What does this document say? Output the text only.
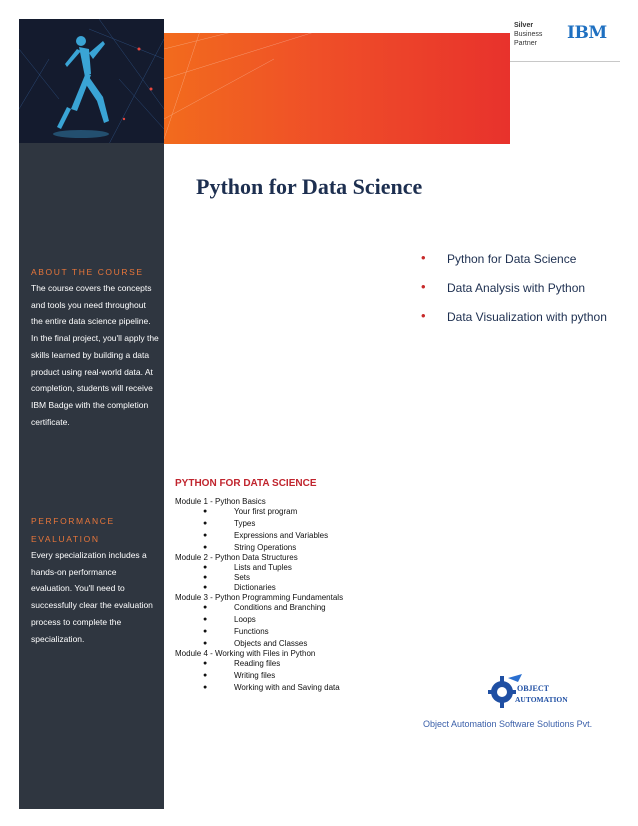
Silver
Business
Partner
IBM
Python for Data Science
ABOUT THE COURSE
The course covers the concepts and tools you need throughout the entire data science pipeline. In the final project, you'll apply the skills learned by building a data product using real-world data. At completion, students will receive IBM Badge with the completion certificate.
PERFORMANCE
EVALUATION
Every specialization includes a hands-on performance evaluation. You'll need to successfully clear the evaluation process to complete the specialization.
• Python for Data Science
• Data Analysis with Python
• Data Visualization with python
PYTHON FOR DATA SCIENCE
Module 1 - Python Basics
●	Your first program
●	Types
●	Expressions and Variables
●	String Operations
Module 2 - Python Data Structures
●	Lists and Tuples
●	Sets
●	Dictionaries
Module 3 - Python Programming Fundamentals
●	Conditions and Branching
●	Loops
●	Functions
●	Objects and Classes
Module 4 - Working with Files in Python
●	Reading files
●	Writing files
●	Working with and Saving data	OBJECT
AUTOMATION
Object Automation Software Solutions Pvt.
